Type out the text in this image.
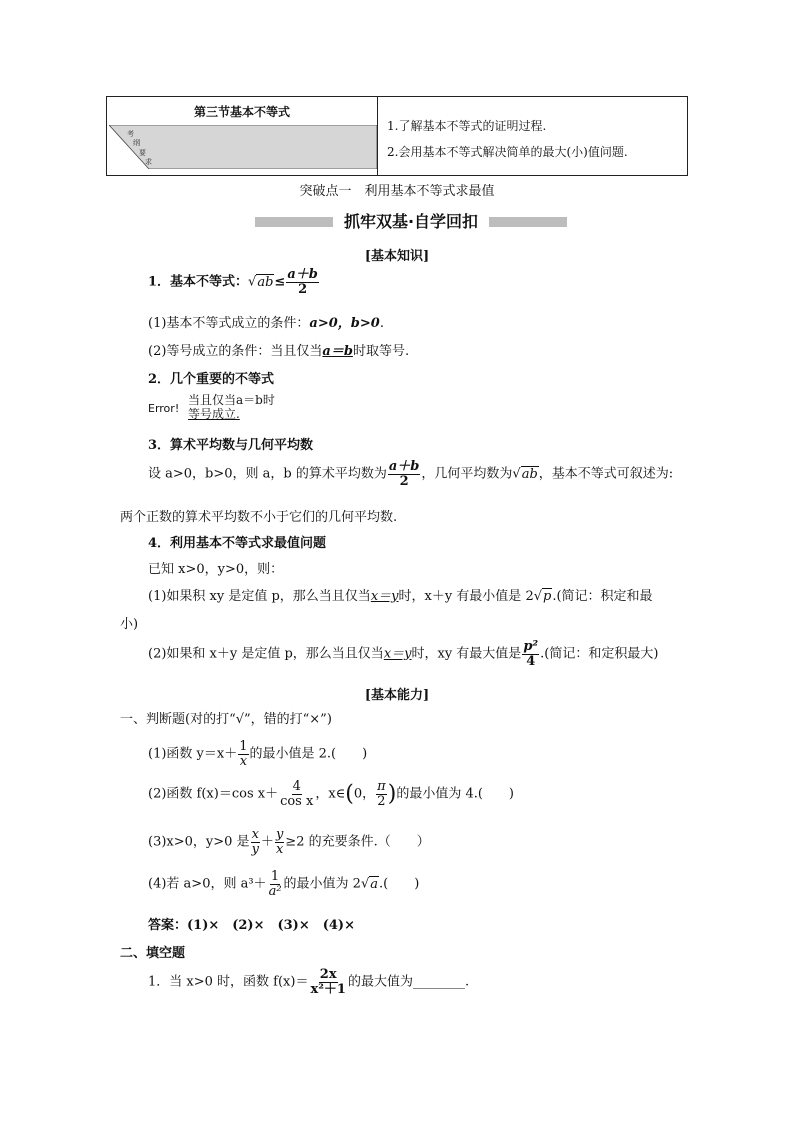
第三节基本不等式
考
纲
要
求
1.了解基本不等式的证明过程.
2.会用基本不等式解决简单的最大(小)值问题.
突破点一　利用基本不等式求最值
抓牢双基·自学回扣
[基本知识]
1．基本不等式：$√ab\le \frac{a+b}{2}$
(1)基本不等式成立的条件：a>0，b>0.
(2)等号成立的条件：当且仅当a＝b时取等号.
2．几个重要的不等式
Error!
当且仅当a＝b时
等号成立.
3．算术平均数与几何平均数
设 a>0，b>0，则 a，b 的算术平均数为 $\frac{a+b}{2}$ ，几何平均数为√ab，基本不等式可叙述为:
两个正数的算术平均数不小于它们的几何平均数.
4．利用基本不等式求最值问题
已知 x>0，y>0，则：
(1)如果积 xy 是定值 p，那么当且仅当x＝y时，x＋y 有最小值是 2√p.(简记：积定和最
小)
(2)如果和 x＋y 是定值 p，那么当且仅当x＝y时，xy 有最大值是 $\frac{\text{p²}}{4}$ .(简记：和定积最大)
[基本能力]
一、判断题(对的打“√”，错的打“×”)
(1)函数 $y=x+ \frac{1}{x}$ 的最小值是 2.(　　)
(2)函数 f(x)＝cos $x+ \frac{4}{\text{cos x}}$ ，x∈(0， $\frac{\pi}{2}$ )的最小值为 4.(　　)
(3)x>0，y>0 是 $\frac{x}{y} + \frac{y}{x} \ge 2$ 的充要条件.（　　）
(4)若 a>0，则 $a^3+ \frac{1}{\text{a²}}$ 的最小值为 2√a.(　　)
答案：(1)×　(2)×　(3)×　(4)×
二、填空题
1．当 x>0 时，函数 $f(x)= \frac{2x}{\text{x²＋1}}$ 的最大值为________.
